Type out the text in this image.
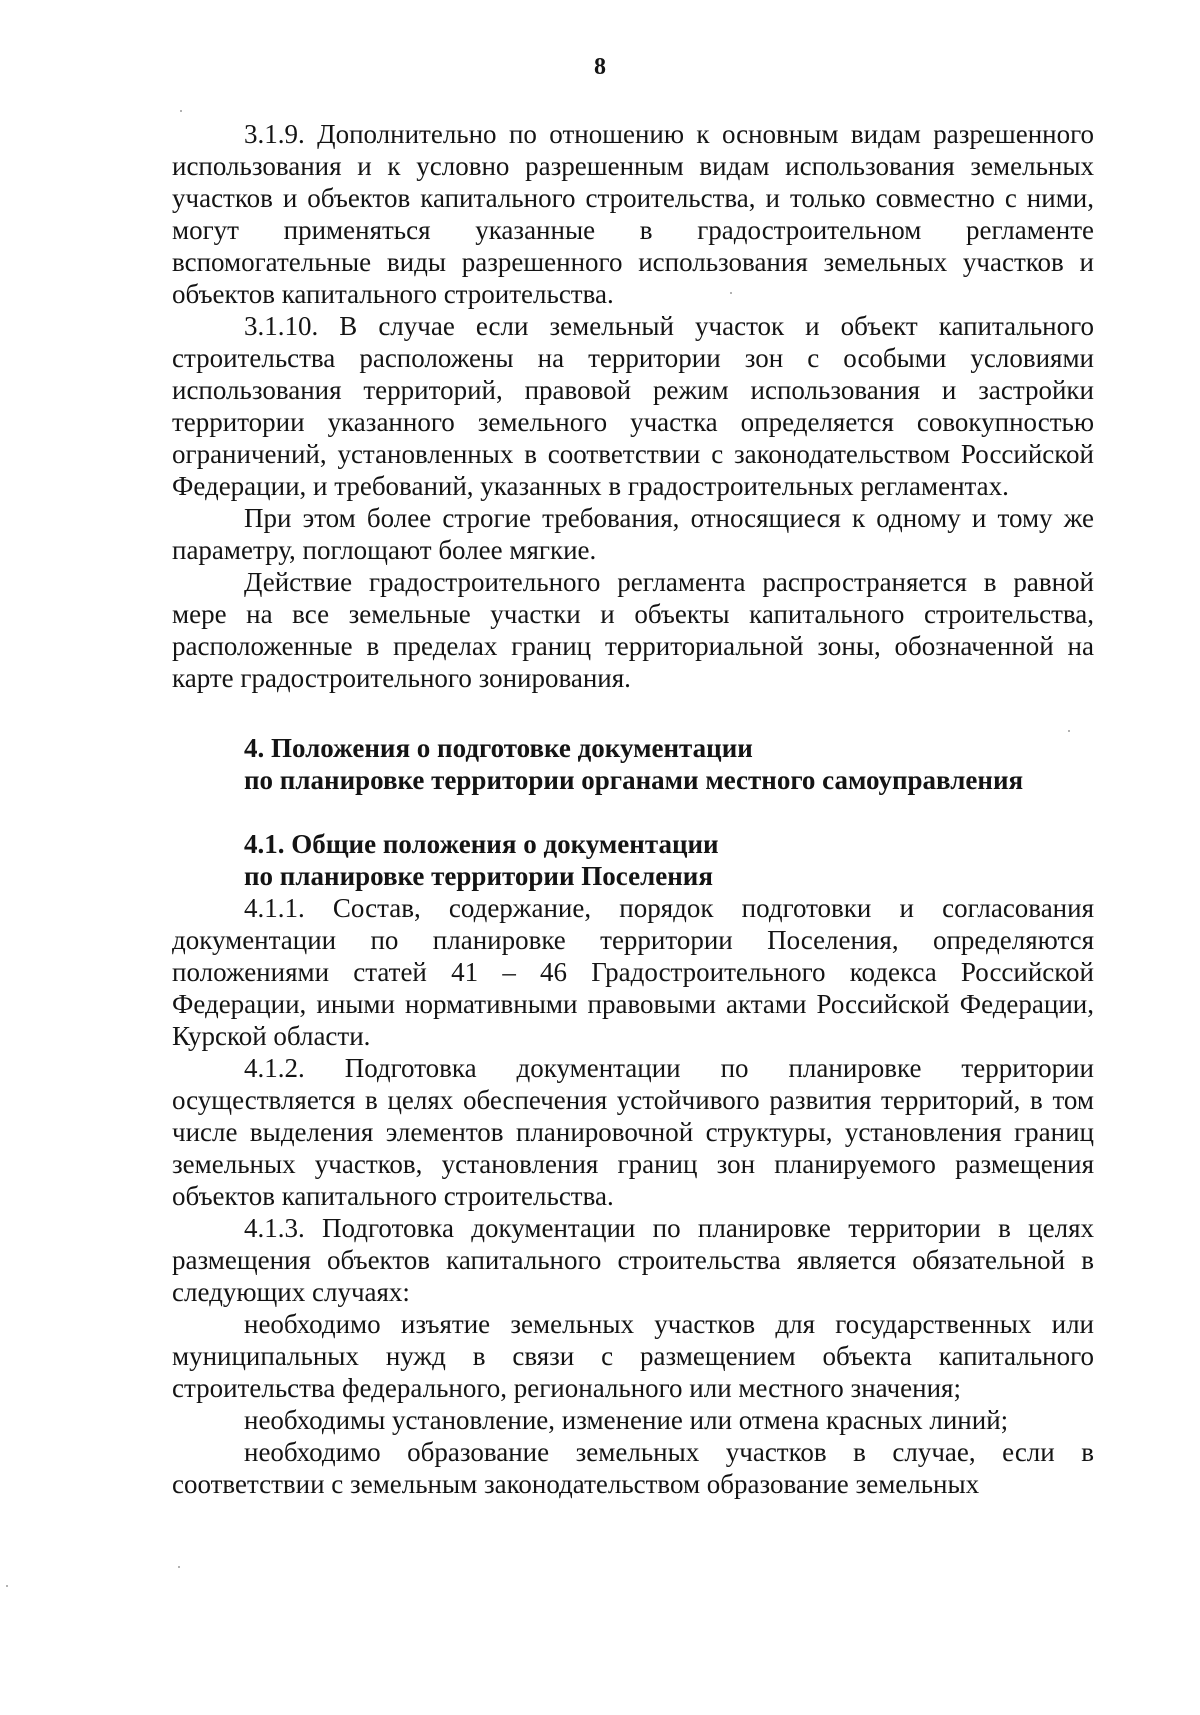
8

3.1.9. Дополнительно по отношению к основным видам разрешенного использования и к условно разрешенным видам использования земельных участков и объектов капитального строительства, и только совместно с ними, могут применяться указанные в градостроительном регламенте вспомогательные виды разрешенного использования земельных участков и объектов капитального строительства.

3.1.10. В случае если земельный участок и объект капитального строительства расположены на территории зон с особыми условиями использования территорий, правовой режим использования и застройки территории указанного земельного участка определяется совокупностью ограничений, установленных в соответствии с законодательством Российской Федерации, и требований, указанных в градостроительных регламентах.

При этом более строгие требования, относящиеся к одному и тому же параметру, поглощают более мягкие.

Действие градостроительного регламента распространяется в равной мере на все земельные участки и объекты капитального строительства, расположенные в пределах границ территориальной зоны, обозначенной на карте градостроительного зонирования.

4. Положения о подготовке документации

по планировке территории органами местного самоуправления

4.1. Общие положения о документации

по планировке территории Поселения

4.1.1. Состав, содержание, порядок подготовки и согласования документации по планировке территории Поселения, определяются положениями статей 41 – 46 Градостроительного кодекса Российской Федерации, иными нормативными правовыми актами Российской Федерации, Курской области.

4.1.2. Подготовка документации по планировке территории осуществляется в целях обеспечения устойчивого развития территорий, в том числе выделения элементов планировочной структуры, установления границ земельных участков, установления границ зон планируемого размещения объектов капитального строительства.

4.1.3. Подготовка документации по планировке территории в целях размещения объектов капитального строительства является обязательной в следующих случаях:

необходимо изъятие земельных участков для государственных или муниципальных нужд в связи с размещением объекта капитального строительства федерального, регионального или местного значения;

необходимы установление, изменение или отмена красных линий;

необходимо образование земельных участков в случае, если в соответствии с земельным законодательством образование земельных
